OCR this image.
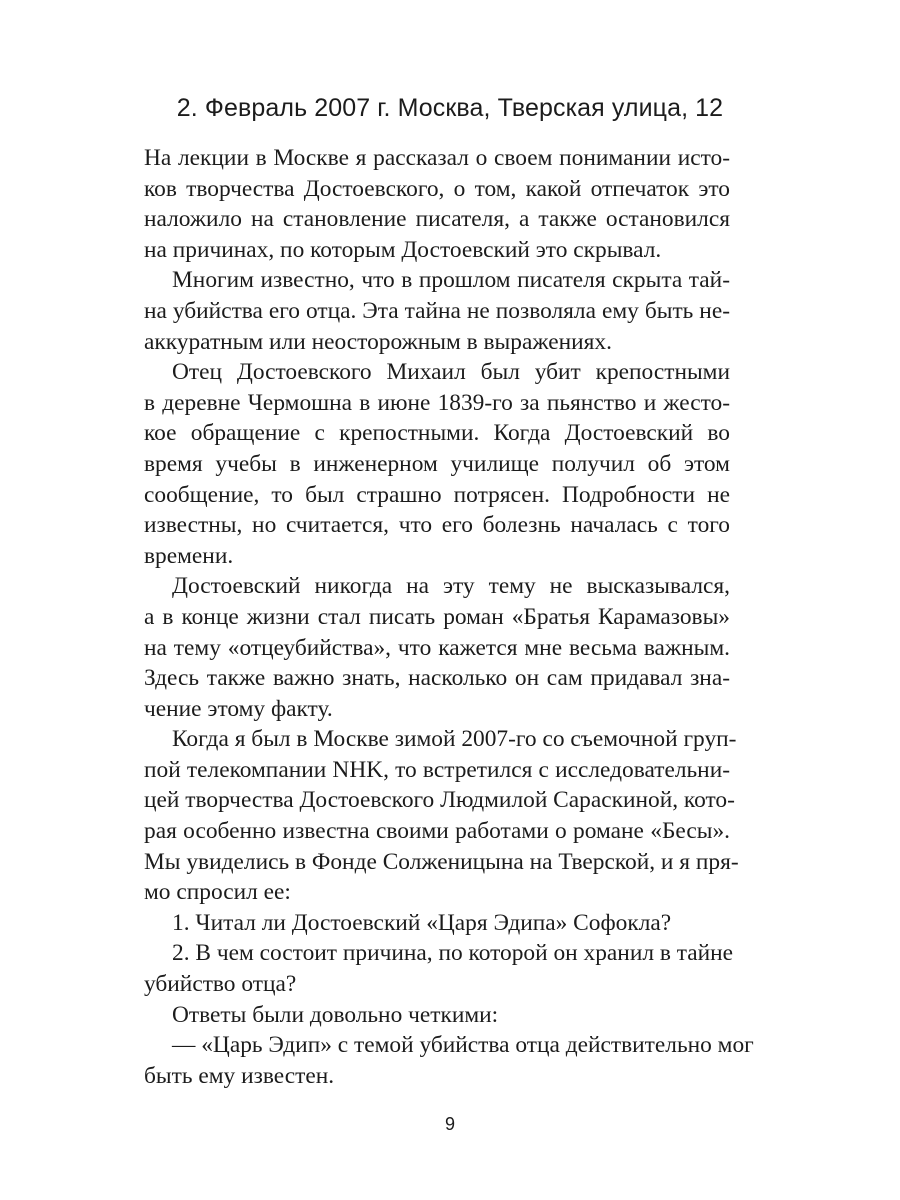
2. Февраль 2007 г. Москва, Тверская улица, 12
На лекции в Москве я рассказал о своем понимании исто-
ков творчества Достоевского, о том, какой отпечаток это
наложило на становление писателя, а также остановился
на причинах, по которым Достоевский это скрывал.
Многим известно, что в прошлом писателя скрыта тай-
на убийства его отца. Эта тайна не позволяла ему быть не-
аккуратным или неосторожным в выражениях.
Отец Достоевского Михаил был убит крепостными
в деревне Чермошна в июне 1839-го за пьянство и жесто-
кое обращение с крепостными. Когда Достоевский во
время учебы в инженерном училище получил об этом
сообщение, то был страшно потрясен. Подробности не
известны, но считается, что его болезнь началась с того
времени.
Достоевский никогда на эту тему не высказывался,
а в конце жизни стал писать роман «Братья Карамазовы»
на тему «отцеубийства», что кажется мне весьма важным.
Здесь также важно знать, насколько он сам придавал зна-
чение этому факту.
Когда я был в Москве зимой 2007-го со съемочной груп-
пой телекомпании NHK, то встретился с исследовательни-
цей творчества Достоевского Людмилой Сараскиной, кото-
рая особенно известна своими работами о романе «Бесы».
Мы увиделись в Фонде Солженицына на Тверской, и я пря-
мо спросил ее:
1. Читал ли Достоевский «Царя Эдипа» Софокла?
2. В чем состоит причина, по которой он хранил в тайне
убийство отца?
Ответы были довольно четкими:
— «Царь Эдип» с темой убийства отца действительно мог
быть ему известен.
9
